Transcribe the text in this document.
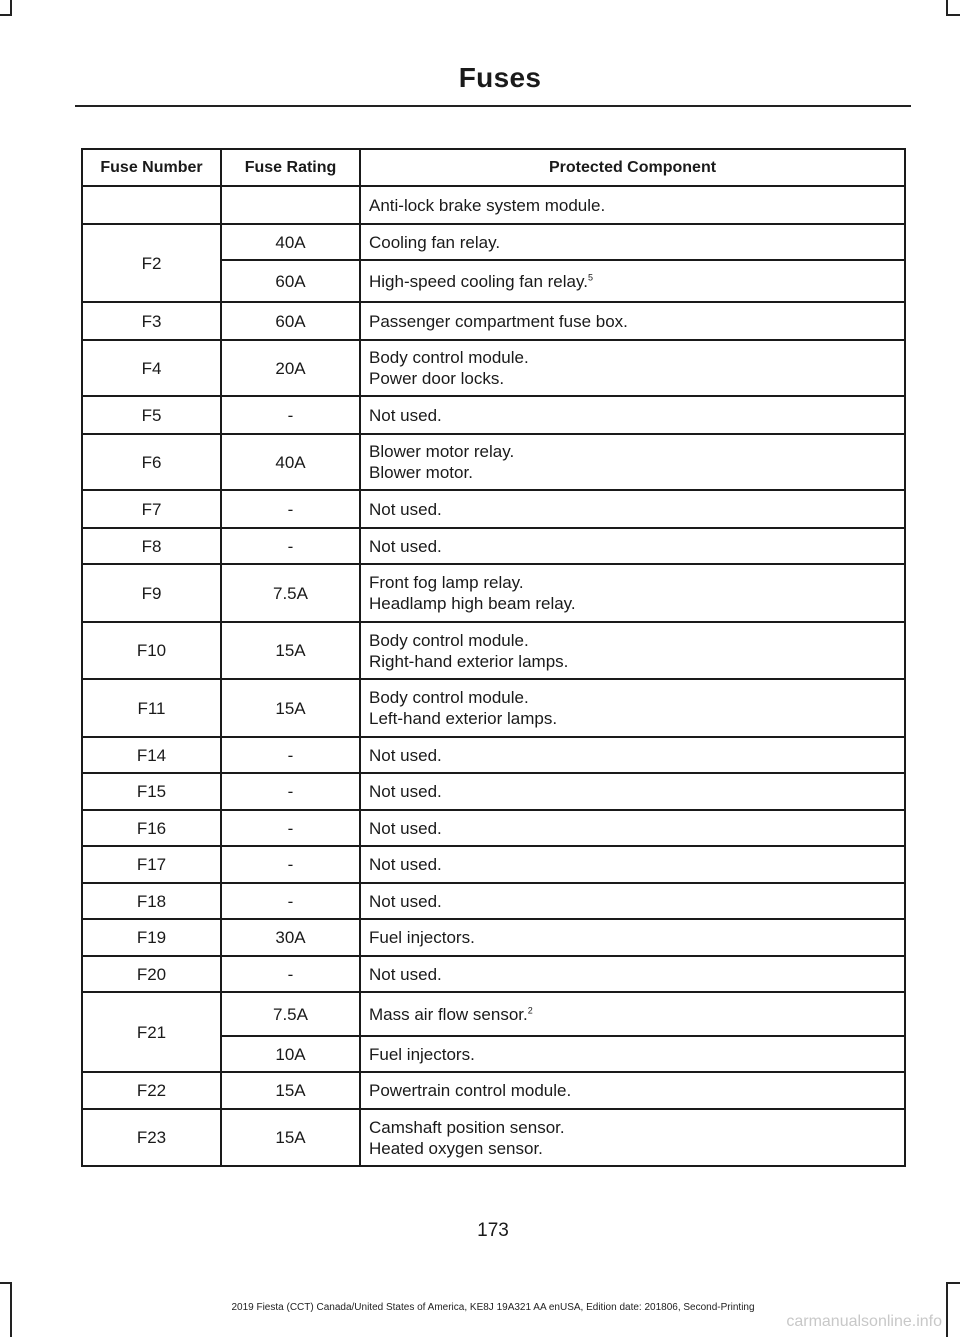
Fuses
Fuse Number	Fuse Rating	Protected Component

		Anti-lock brake system module.

F2	40A	Cooling fan relay.

	60A	High-speed cooling fan relay.$^5$

F3	60A	Passenger compartment fuse box.

F4	20A	Body control module.
Power door locks.

F5	-	Not used.

F6	40A	Blower motor relay.
Blower motor.

F7	-	Not used.

F8	-	Not used.

F9	7.5A	Front fog lamp relay.
Headlamp high beam relay.

F10	15A	Body control module.
Right-hand exterior lamps.

F11	15A	Body control module.
Left-hand exterior lamps.

F14	-	Not used.

F15	-	Not used.

F16	-	Not used.

F17	-	Not used.

F18	-	Not used.

F19	30A	Fuel injectors.

F20	-	Not used.

F21	7.5A	Mass air flow sensor.$^2$

	10A	Fuel injectors.

F22	15A	Powertrain control module.

F23	15A	Camshaft position sensor.
Heated oxygen sensor.
173
2019 Fiesta (CCT) Canada/United States of America, KE8J 19A321 AA enUSA, Edition date: 201806, Second-Printing
carmanualsonline.info
